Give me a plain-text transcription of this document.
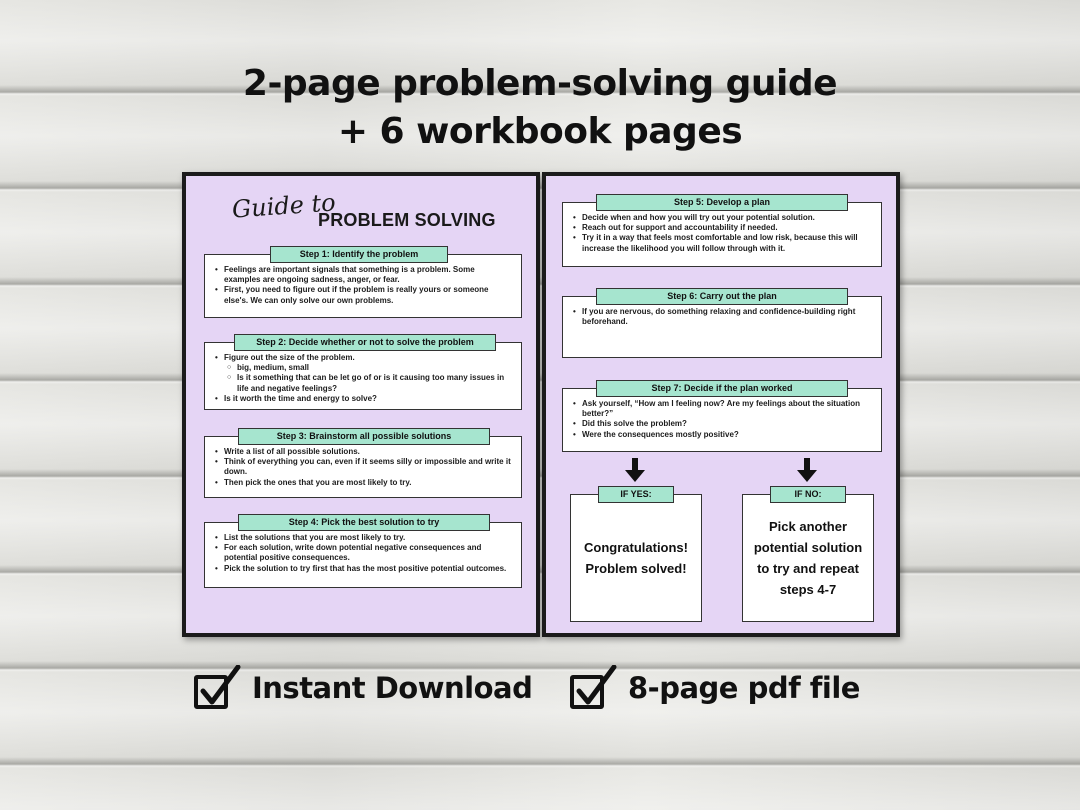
2-page problem-solving guide
+ 6 workbook pages
Guide to
PROBLEM SOLVING
• Feelings are important signals that something is a problem. Some examples are ongoing sadness, anger, or fear.
• First, you need to figure out if the problem is really yours or someone else's. We can only solve our own problems.
Step 1: Identify the problem
• Figure out the size of the problem.
○ big, medium, small
○ Is it something that can be let go of or is it causing too many issues in life and negative feelings?
• Is it worth the time and energy to solve?
Step 2: Decide whether or not to solve the problem
• Write a list of all possible solutions.
• Think of everything you can, even if it seems silly or impossible and write it down.
• Then pick the ones that you are most likely to try.
Step 3: Brainstorm all possible solutions
• List the solutions that you are most likely to try.
• For each solution, write down potential negative consequences and potential positive consequences.
• Pick the solution to try first that has the most positive potential outcomes.
Step 4: Pick the best solution to try
• Decide when and how you will try out your potential solution.
• Reach out for support and accountability if needed.
• Try it in a way that feels most comfortable and low risk, because this will increase the likelihood you will follow through with it.
Step 5: Develop a plan
• If you are nervous, do something relaxing and confidence-building right beforehand.
Step 6: Carry out the plan
• Ask yourself, “How am I feeling now? Are my feelings about the situation better?”
• Did this solve the problem?
• Were the consequences mostly positive?
Step 7: Decide if the plan worked
Congratulations! Problem solved!
IF YES:
Pick another potential solution to try and repeat steps 4-7
IF NO:
Instant Download	8-page pdf file
